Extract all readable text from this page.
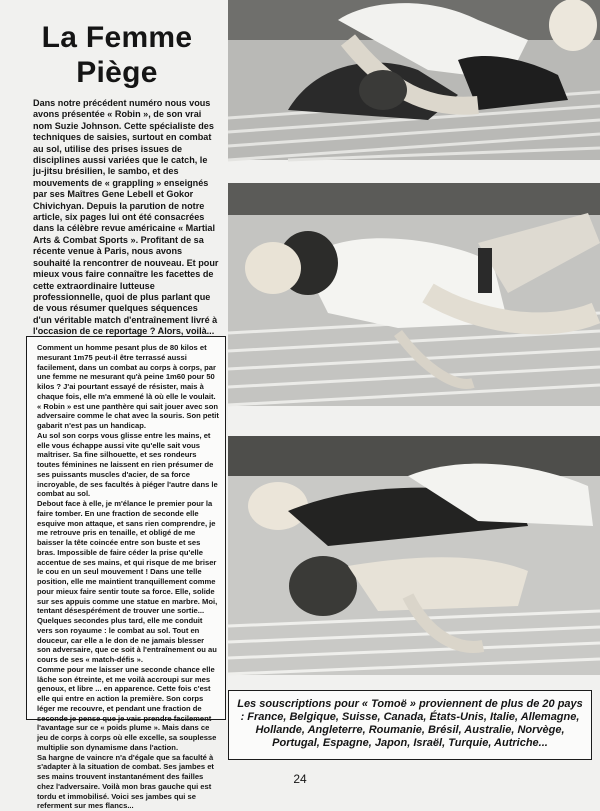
La Femme
Piège
Dans notre précédent numéro nous vous avons présentée « Robin », de son vrai nom Suzie Johnson. Cette spécialiste des techniques de saisies, surtout en combat au sol, utilise des prises issues de disciplines aussi variées que le catch, le ju-jitsu brésilien, le sambo, et des mouvements de « grappling » enseignés par ses Maîtres Gene Lebell et Gokor Chivichyan. Depuis la parution de notre article, six pages lui ont été consacrées dans la célèbre revue américaine « Martial Arts & Combat Sports ». Profitant de sa récente venue à Paris, nous avons souhaité la rencontrer de nouveau. Et pour mieux vous faire connaître les facettes de cette extraordinaire lutteuse professionnelle, quoi de plus parlant que de vous résumer quelques séquences d'un véritable match d'entraînement livré à l'occasion de ce reportage ? Alors, voilà...

Comment un homme pesant plus de 80 kilos et mesurant 1m75 peut-il être terrassé aussi facilement, dans un combat au corps à corps, par une femme ne mesurant qu'à peine 1m60 pour 50 kilos ? J'ai pourtant essayé de résister, mais à chaque fois, elle m'a emmené là où elle le voulait. « Robin » est une panthère qui sait jouer avec son adversaire comme le chat avec la souris. Son petit gabarit n'est pas un handicap.

Au sol son corps vous glisse entre les mains, et elle vous échappe aussi vite qu'elle sait vous maîtriser. Sa fine silhouette, et ses rondeurs toutes féminines ne laissent en rien présumer de ses puissants muscles d'acier, de sa force incroyable, de ses facultés à piéger l'autre dans le combat au sol.

Debout face à elle, je m'élance le premier pour la faire tomber. En une fraction de seconde elle esquive mon attaque, et sans rien comprendre, je me retrouve pris en tenaille, et obligé de me baisser la tête coincée entre son buste et ses bras. Impossible de faire céder la prise qu'elle accentue de ses mains, et qui risque de me briser le cou en un seul mouvement ! Dans une telle position, elle me maintient tranquillement comme pour mieux faire sentir toute sa force. Elle, solide sur ses appuis comme une statue en marbre. Moi, tentant désespérément de trouver une sortie...

Quelques secondes plus tard, elle me conduit vers son royaume : le combat au sol. Tout en douceur, car elle a le don de ne jamais blesser son adversaire, que ce soit à l'entraînement ou au cours de ses « match-défis ».

Comme pour me laisser une seconde chance elle lâche son étreinte, et me voilà accroupi sur mes genoux, et libre ... en apparence. Cette fois c'est elle qui entre en action la première. Son corps léger me recouvre, et pendant une fraction de seconde je pense que je vais prendre facilement l'avantage sur ce « poids plume ». Mais dans ce jeu de corps à corps où elle excelle, sa souplesse multiplie son dynamisme dans l'action.

Sa hargne de vaincre n'a d'égale que sa faculté à s'adapter à la situation de combat. Ses jambes et ses mains trouvent instantanément des failles chez l'adversaire. Voilà mon bras gauche qui est tordu et immobilisé. Voici ses jambes qui se referment sur mes flancs...

Les souscriptions pour « Tomoë » proviennent de plus de 20 pays : France, Belgique, Suisse, Canada, États-Unis, Italie, Allemagne, Hollande, Angleterre, Roumanie, Brésil, Australie, Norvège, Portugal, Espagne, Japon, Israël, Turquie, Autriche...
24
